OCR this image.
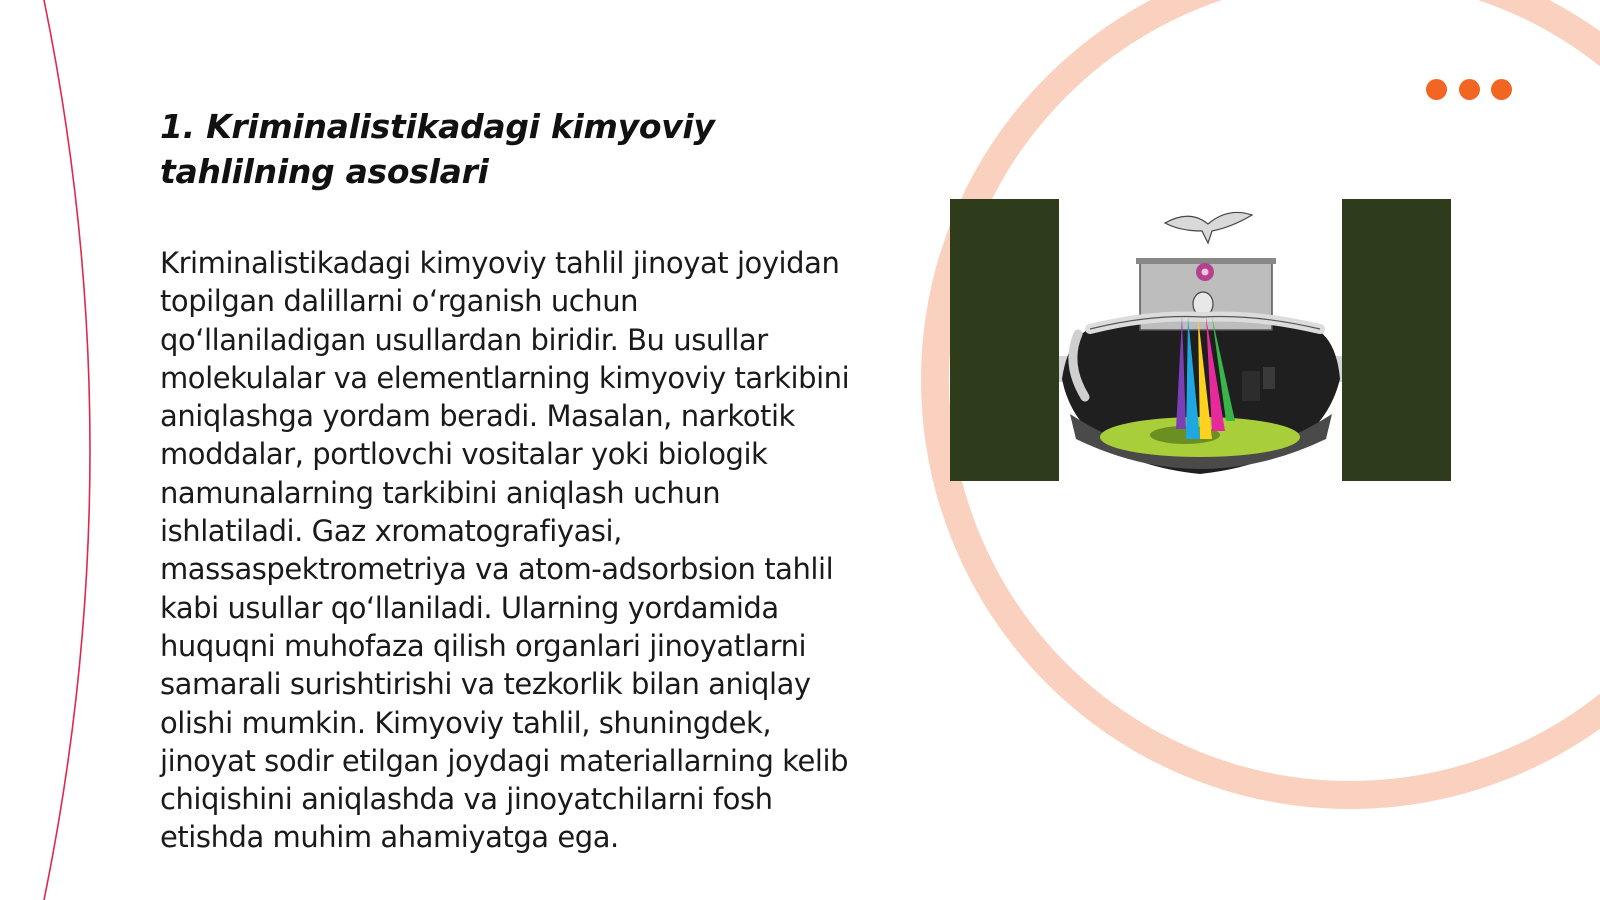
1. Kriminalistikadagi kimyoviy tahlilning asoslari

Kriminalistikadagi kimyoviy tahlil jinoyat joyidan topilgan dalillarni oʻrganish uchun qoʻllaniladigan usullardan biridir. Bu usullar molekulalar va elementlarning kimyoviy tarkibini aniqlashga yordam beradi. Masalan, narkotik moddalar, portlovchi vositalar yoki biologik namunalarning tarkibini aniqlash uchun ishlatiladi. Gaz xromatografiyasi, massaspektrometriya va atom-adsorbsion tahlil kabi usullar qoʻllaniladi. Ularning yordamida huquqni muhofaza qilish organlari jinoyatlarni samarali surishtirishi va tezkorlik bilan aniqlay olishi mumkin. Kimyoviy tahlil, shuningdek, jinoyat sodir etilgan joydagi materiallarning kelib chiqishini aniqlashda va jinoyatchilarni fosh etishda muhim ahamiyatga ega.
